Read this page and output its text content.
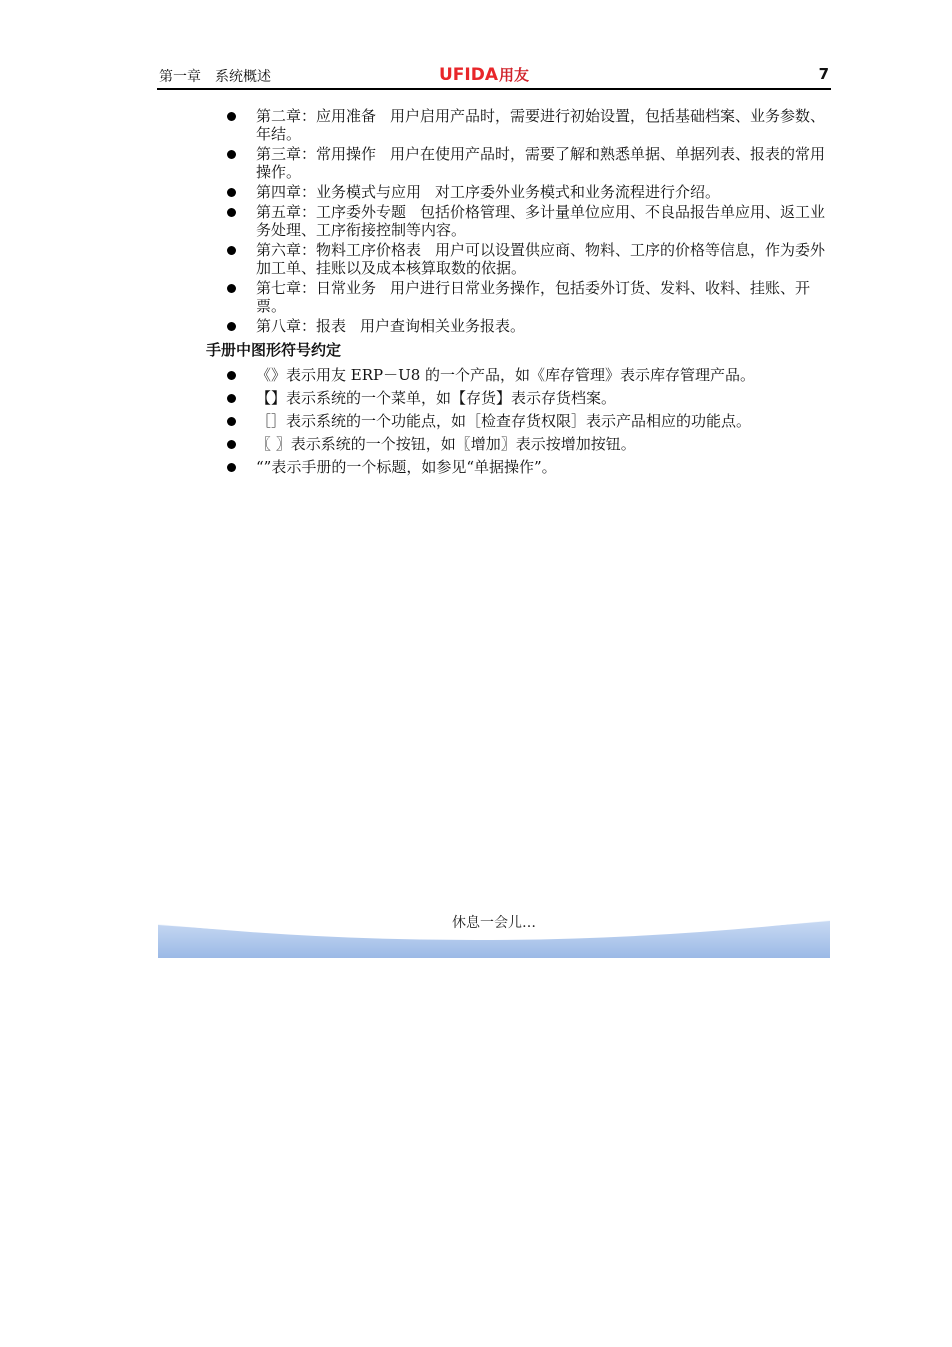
第一章　系统概述	UFIDA用友	7
第二章：应用准备 用户启用产品时，需要进行初始设置，包括基础档案、业务参数、年结。
第三章：常用操作 用户在使用产品时，需要了解和熟悉单据、单据列表、报表的常用操作。
第四章：业务模式与应用 对工序委外业务模式和业务流程进行介绍。
第五章：工序委外专题 包括价格管理、多计量单位应用、不良品报告单应用、返工业务处理、工序衔接控制等内容。
第六章：物料工序价格表 用户可以设置供应商、物料、工序的价格等信息，作为委外加工单、挂账以及成本核算取数的依据。
第七章：日常业务 用户进行日常业务操作，包括委外订货、发料、收料、挂账、开票。
第八章：报表 用户查询相关业务报表。
手册中图形符号约定
《》表示用友 ERP－U8 的一个产品，如《库存管理》表示库存管理产品。
【】表示系统的一个菜单，如【存货】表示存货档案。
［］表示系统的一个功能点，如［检查存货权限］表示产品相应的功能点。
〖 〗表示系统的一个按钮，如〖增加〗表示按增加按钮。
“”表示手册的一个标题，如参见“单据操作”。
休息一会儿…
